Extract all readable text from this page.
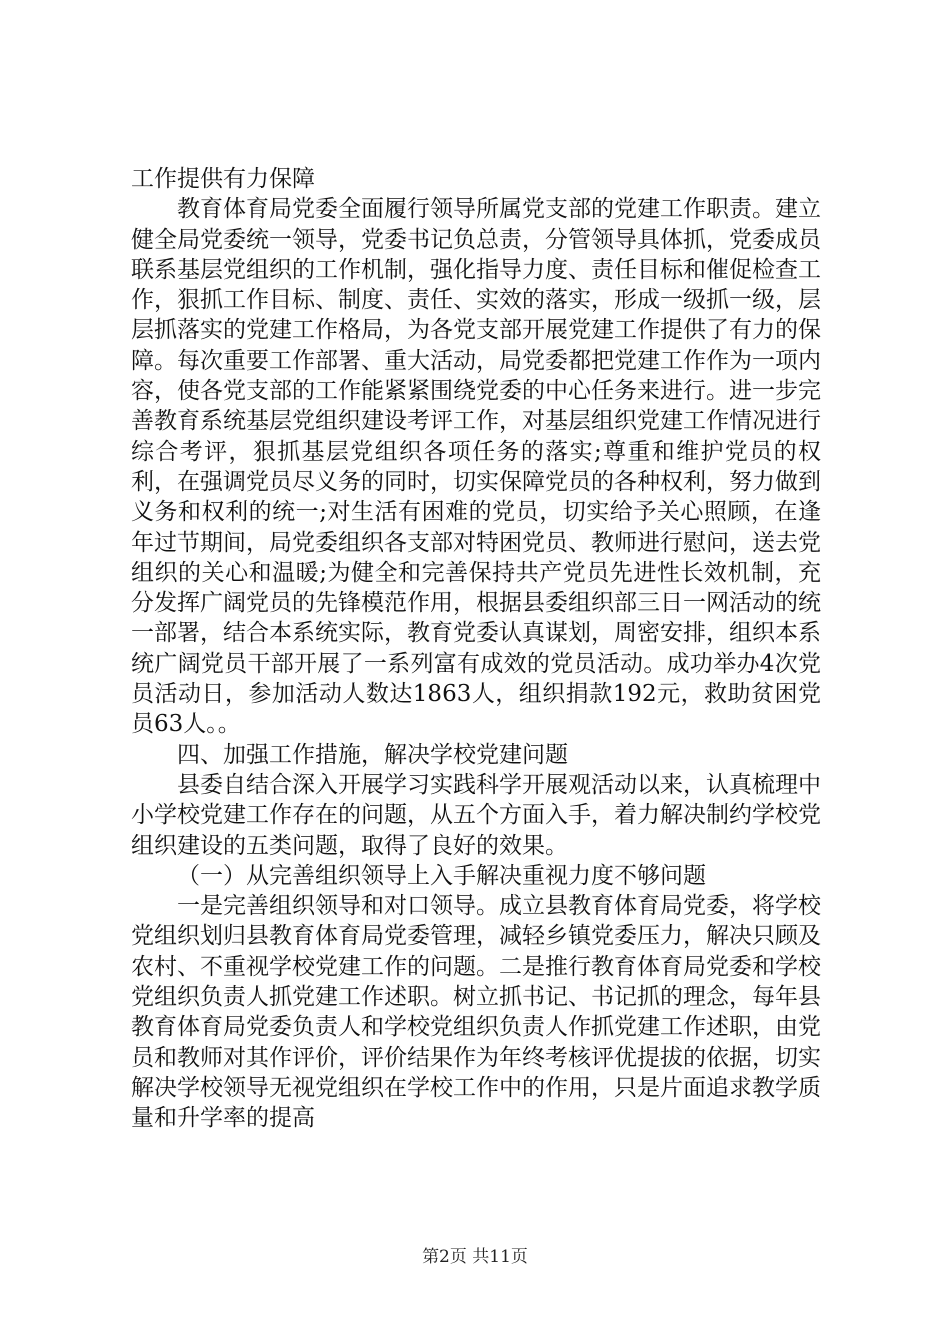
工作提供有力保障

教育体育局党委全面履行领导所属党支部的党建工作职责。建立健全局党委统一领导，党委书记负总责，分管领导具体抓，党委成员联系基层党组织的工作机制，强化指导力度、责任目标和催促检查工作，狠抓工作目标、制度、责任、实效的落实，形成一级抓一级，层层抓落实的党建工作格局，为各党支部开展党建工作提供了有力的保障。每次重要工作部署、重大活动，局党委都把党建工作作为一项内容，使各党支部的工作能紧紧围绕党委的中心任务来进行。进一步完善教育系统基层党组织建设考评工作，对基层组织党建工作情况进行综合考评，狠抓基层党组织各项任务的落实;尊重和维护党员的权利，在强调党员尽义务的同时，切实保障党员的各种权利，努力做到义务和权利的统一;对生活有困难的党员，切实给予关心照顾，在逢年过节期间，局党委组织各支部对特困党员、教师进行慰问，送去党组织的关心和温暖;为健全和完善保持共产党员先进性长效机制，充分发挥广阔党员的先锋模范作用，根据县委组织部三日一网活动的统一部署，结合本系统实际，教育党委认真谋划，周密安排，组织本系统广阔党员干部开展了一系列富有成效的党员活动。成功举办4次党员活动日，参加活动人数达1863人，组织捐款192元，救助贫困党员63人。。

四、加强工作措施，解决学校党建问题

县委自结合深入开展学习实践科学开展观活动以来，认真梳理中小学校党建工作存在的问题，从五个方面入手，着力解决制约学校党组织建设的五类问题，取得了良好的效果。

（一）从完善组织领导上入手解决重视力度不够问题

一是完善组织领导和对口领导。成立县教育体育局党委，将学校党组织划归县教育体育局党委管理，减轻乡镇党委压力，解决只顾及农村、不重视学校党建工作的问题。二是推行教育体育局党委和学校党组织负责人抓党建工作述职。树立抓书记、书记抓的理念，每年县教育体育局党委负责人和学校党组织负责人作抓党建工作述职，由党员和教师对其作评价，评价结果作为年终考核评优提拔的依据，切实解决学校领导无视党组织在学校工作中的作用，只是片面追求教学质量和升学率的提高

第2页 共11页
